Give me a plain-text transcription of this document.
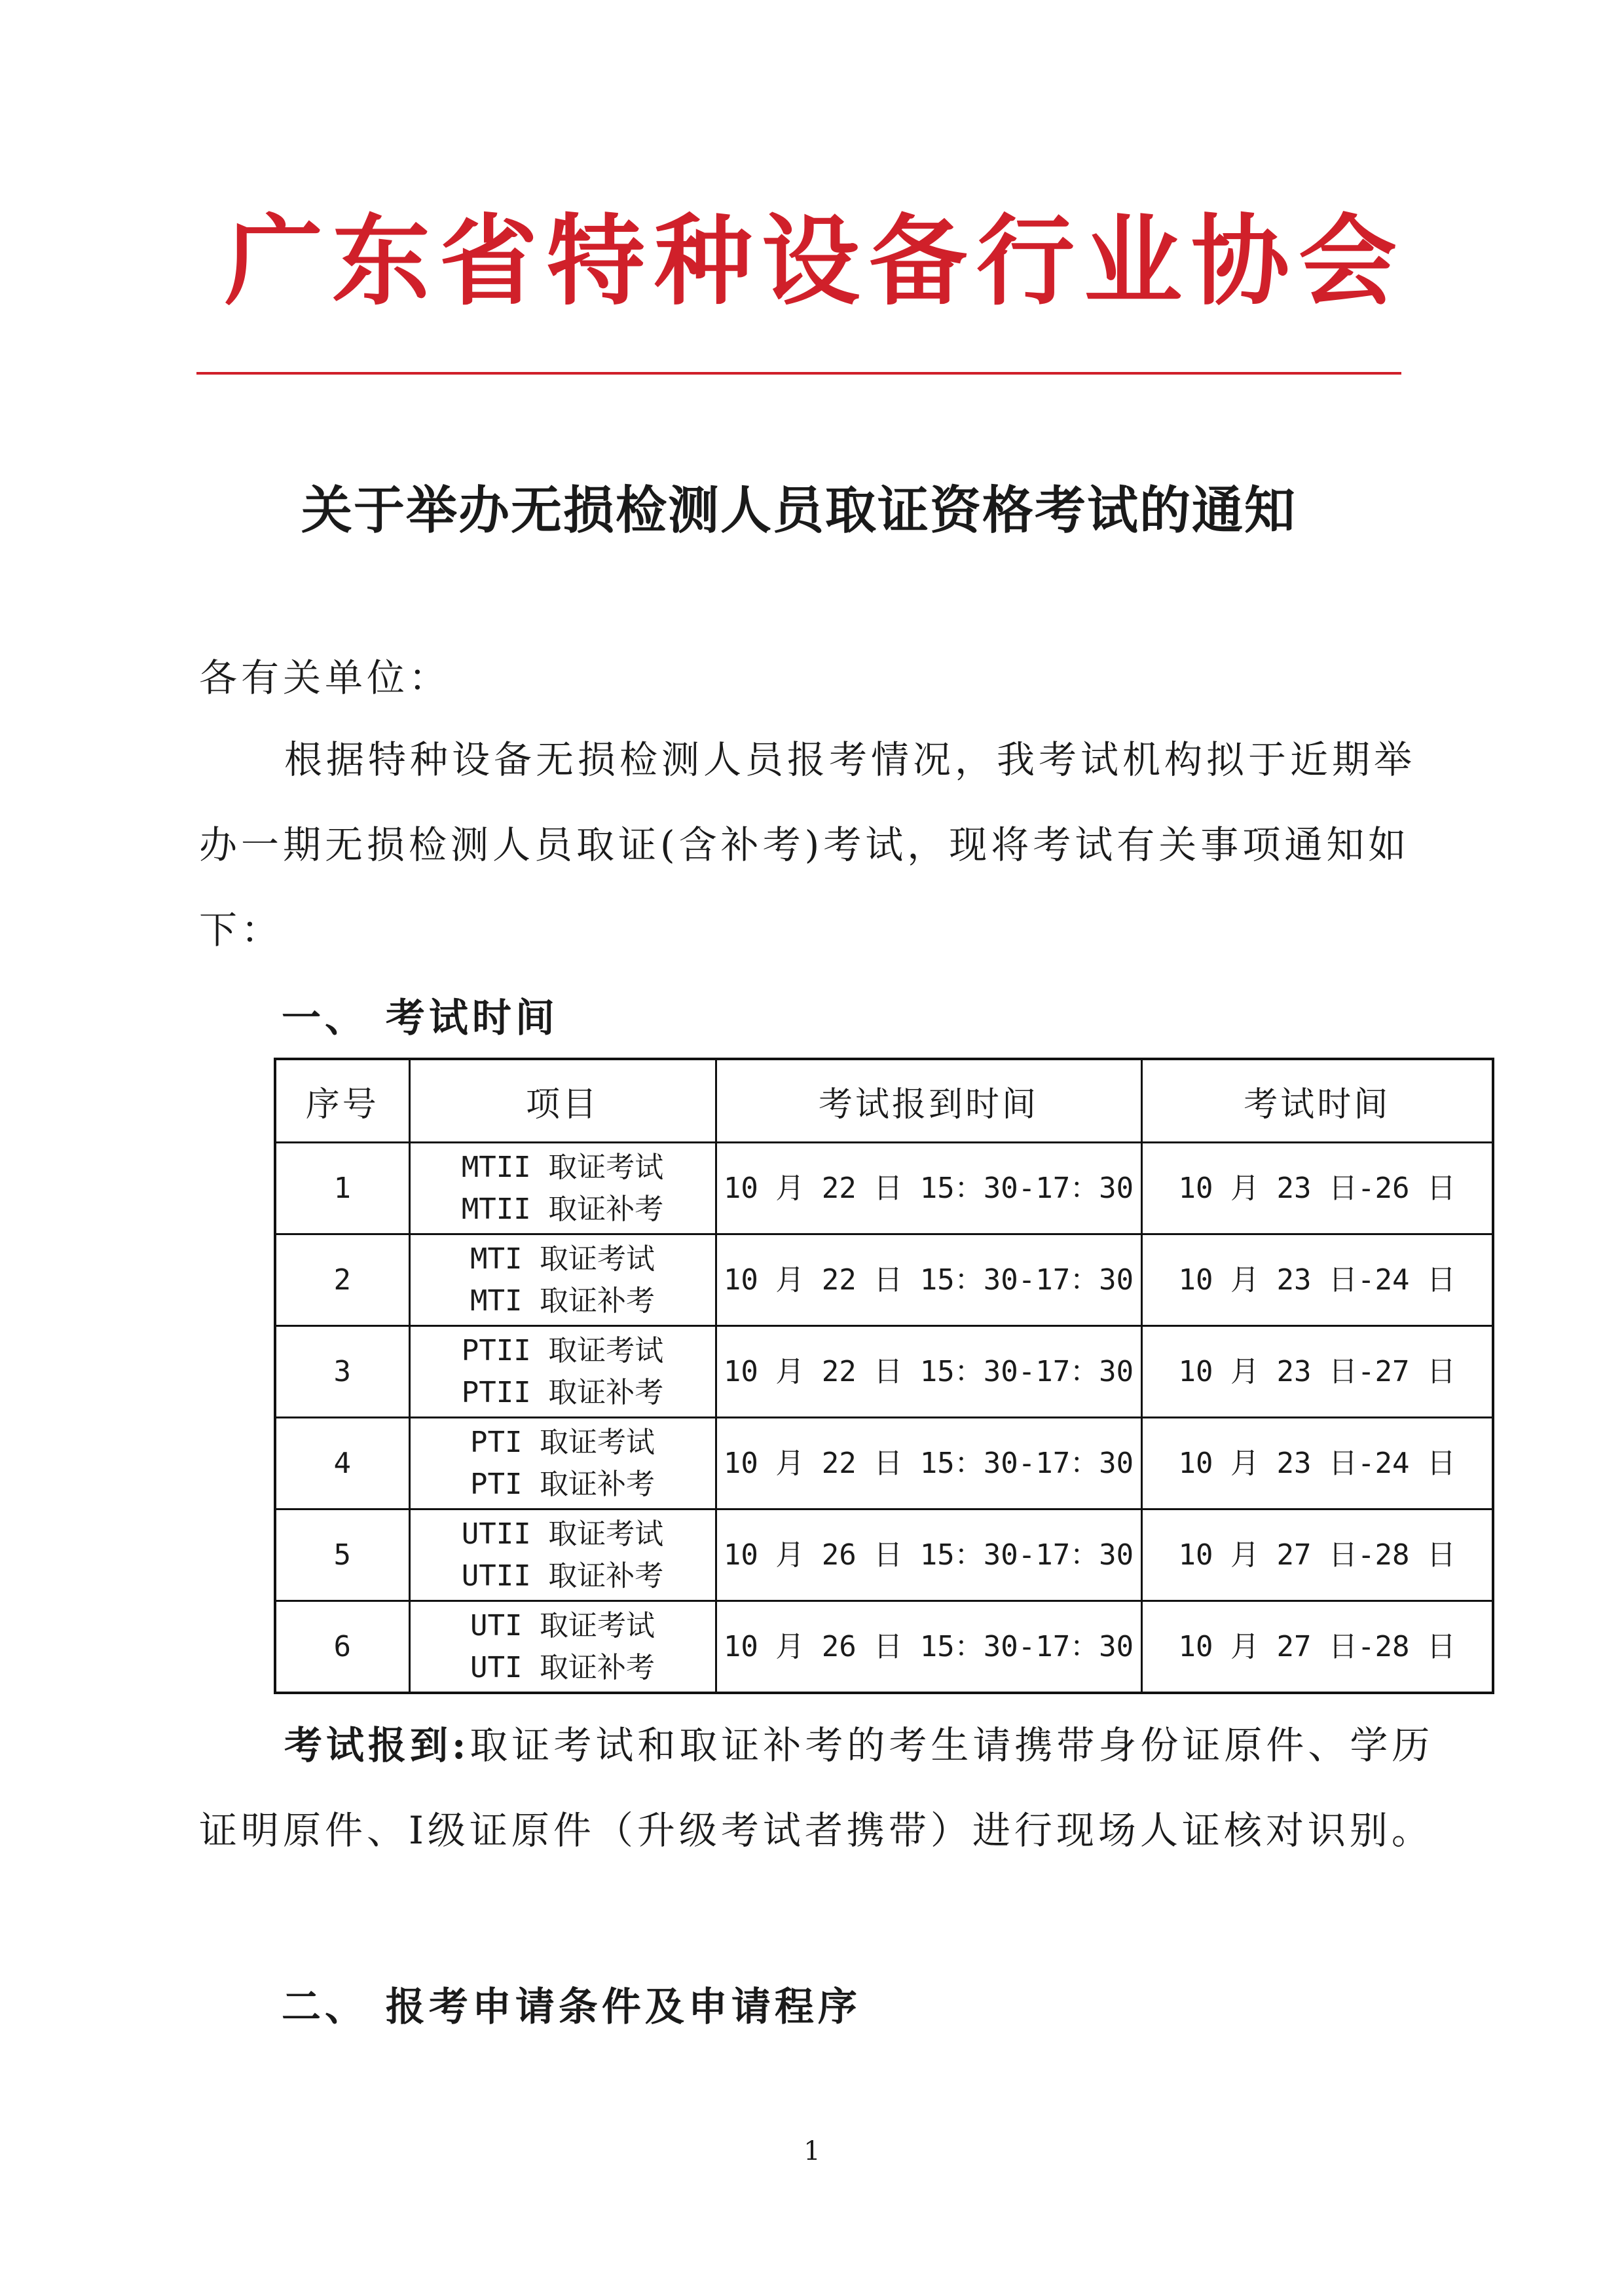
广东省特种设备行业协会
关于举办无损检测人员取证资格考试的通知
各有关单位：
根据特种设备无损检测人员报考情况，我考试机构拟于近期举办一期无损检测人员取证(含补考)考试，现将考试有关事项通知如下：
一、 考试时间
序号	项目	考试报到时间	考试时间
1	MTII 取证考试
MTII 取证补考	10 月 22 日 15：30-17：30	10 月 23 日-26 日
2	MTI 取证考试
MTI 取证补考	10 月 22 日 15：30-17：30	10 月 23 日-24 日
3	PTII 取证考试
PTII 取证补考	10 月 22 日 15：30-17：30	10 月 23 日-27 日
4	PTI 取证考试
PTI 取证补考	10 月 22 日 15：30-17：30	10 月 23 日-24 日
5	UTII 取证考试
UTII 取证补考	10 月 26 日 15：30-17：30	10 月 27 日-28 日
6	UTI 取证考试
UTI 取证补考	10 月 26 日 15：30-17：30	10 月 27 日-28 日
考试报到:取证考试和取证补考的考生请携带身份证原件、学历证明原件、Ⅰ级证原件（升级考试者携带）进行现场人证核对识别。
二、 报考申请条件及申请程序
1
